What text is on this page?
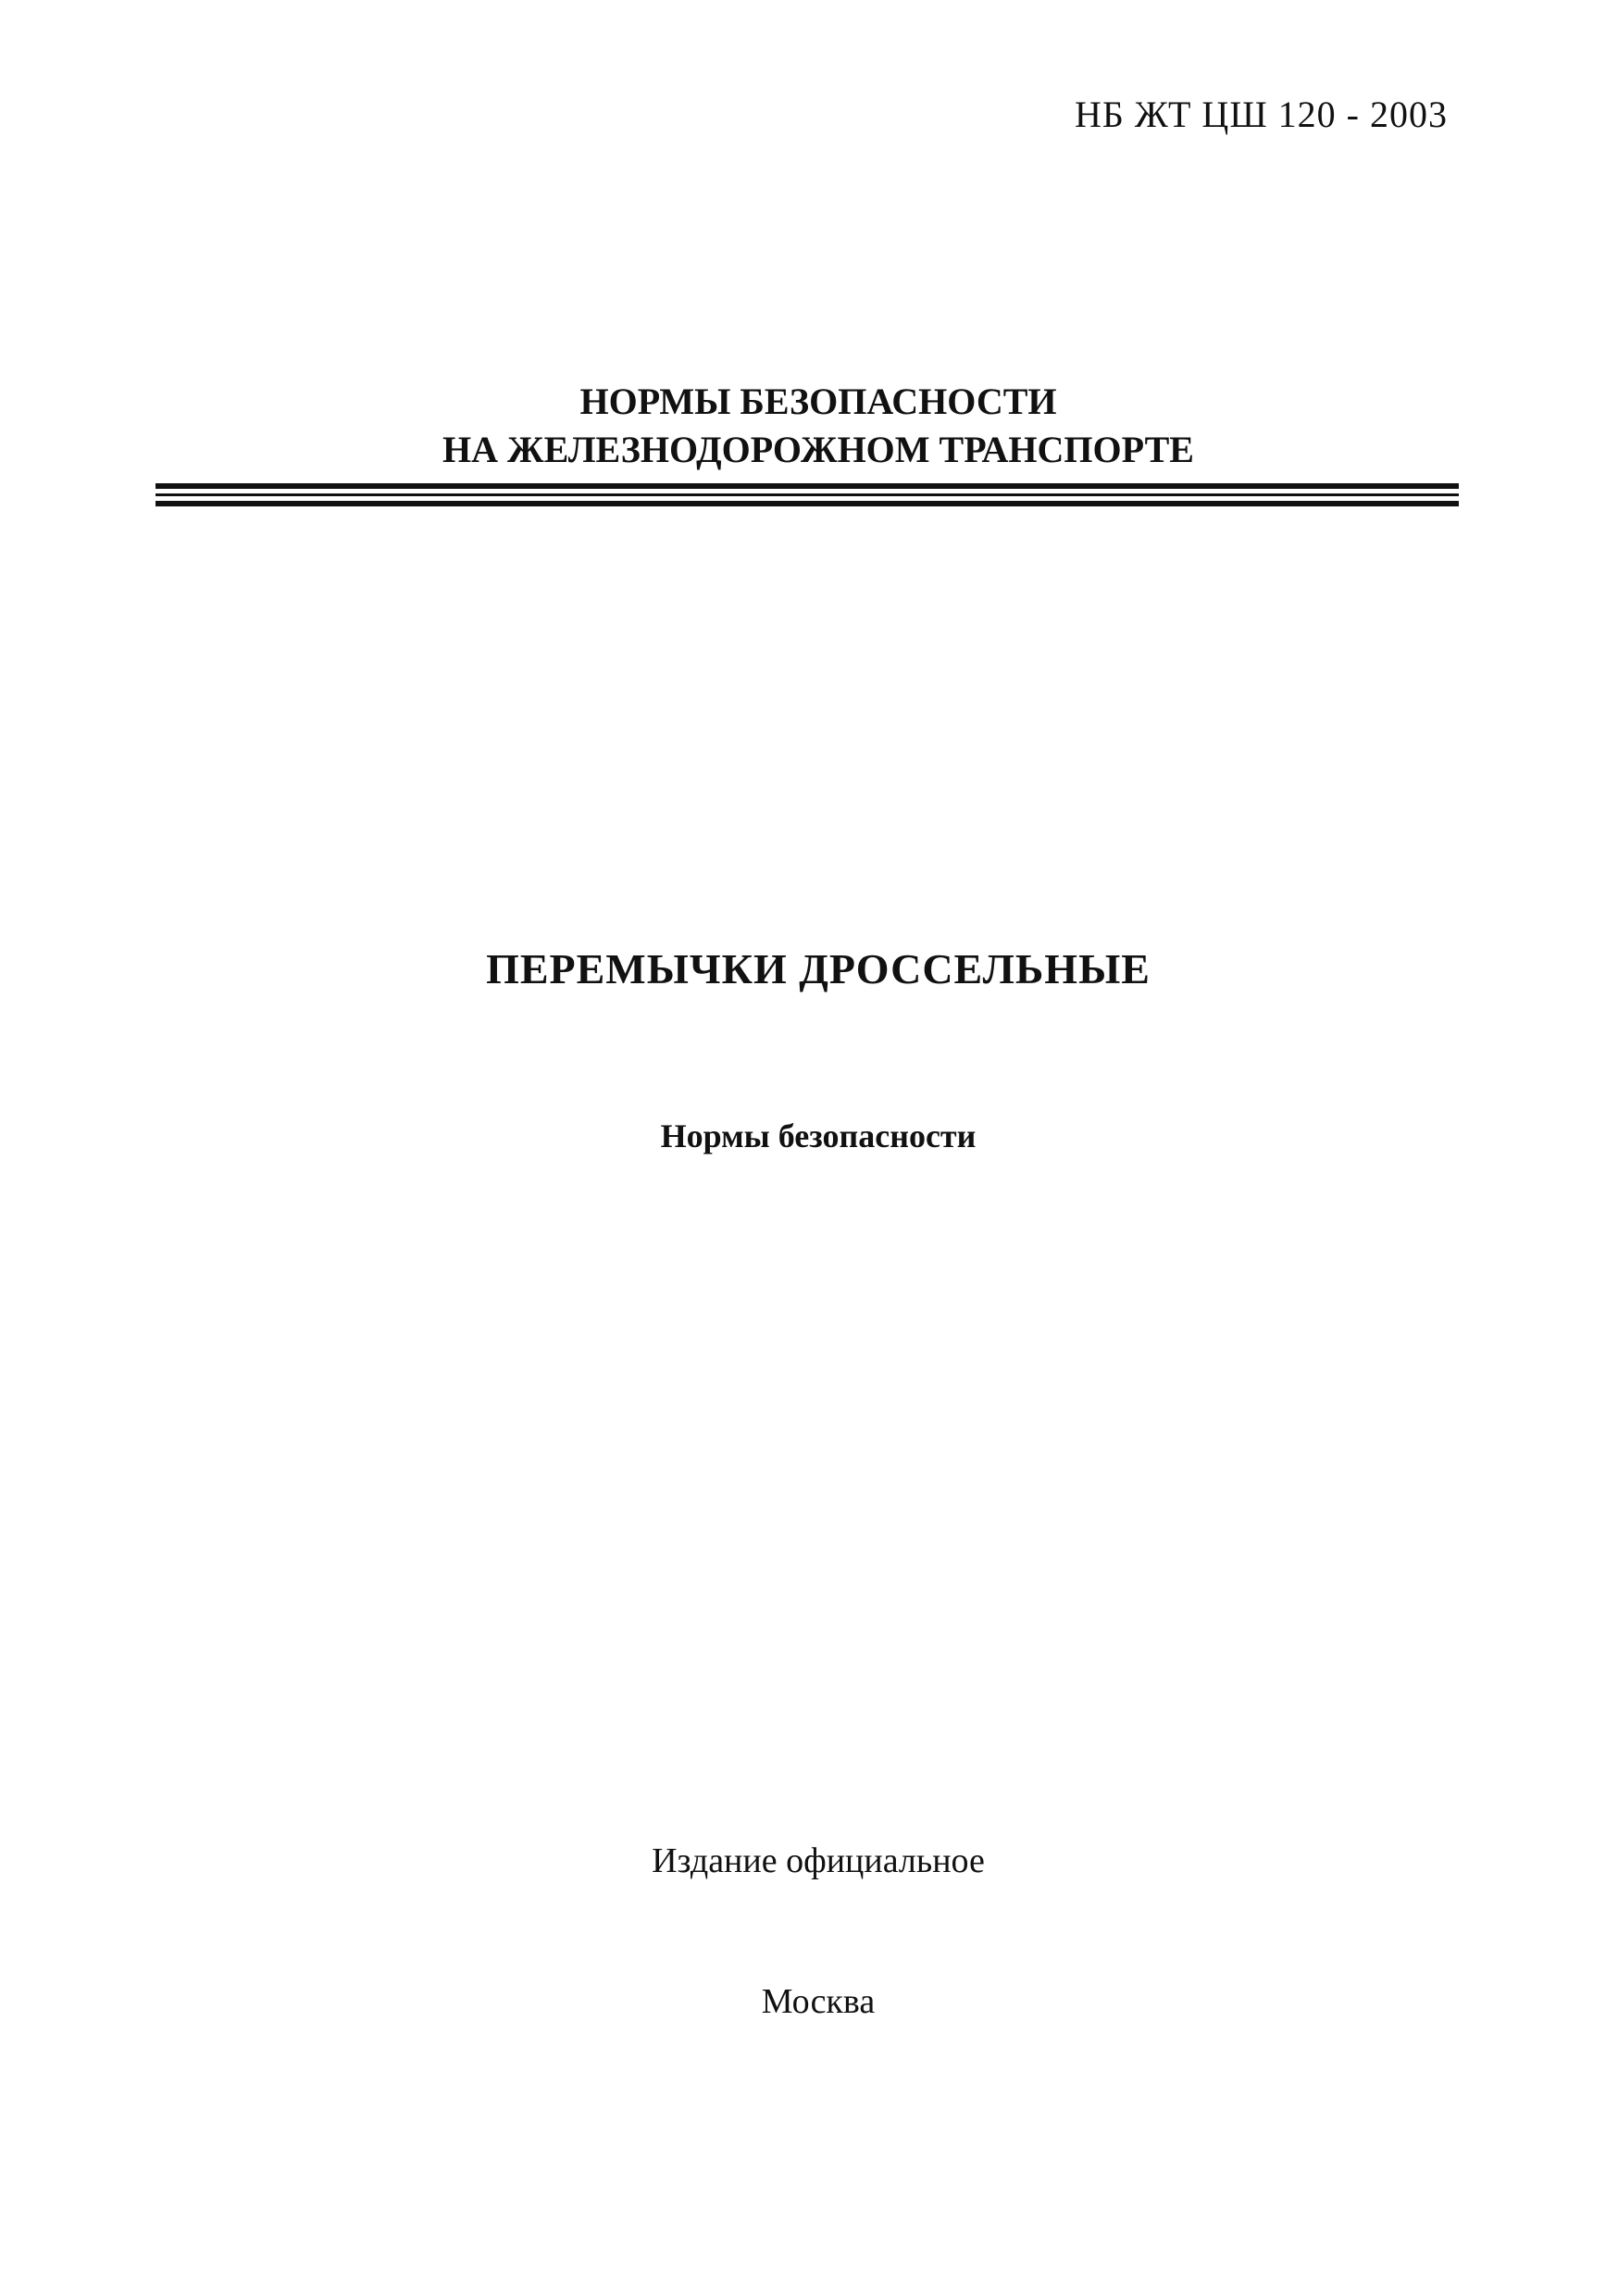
НБ ЖТ ЦШ 120 - 2003
НОРМЫ БЕЗОПАСНОСТИ
НА ЖЕЛЕЗНОДОРОЖНОМ ТРАНСПОРТЕ
ПЕРЕМЫЧКИ ДРОССЕЛЬНЫЕ
Нормы безопасности
Издание официальное
Москва
